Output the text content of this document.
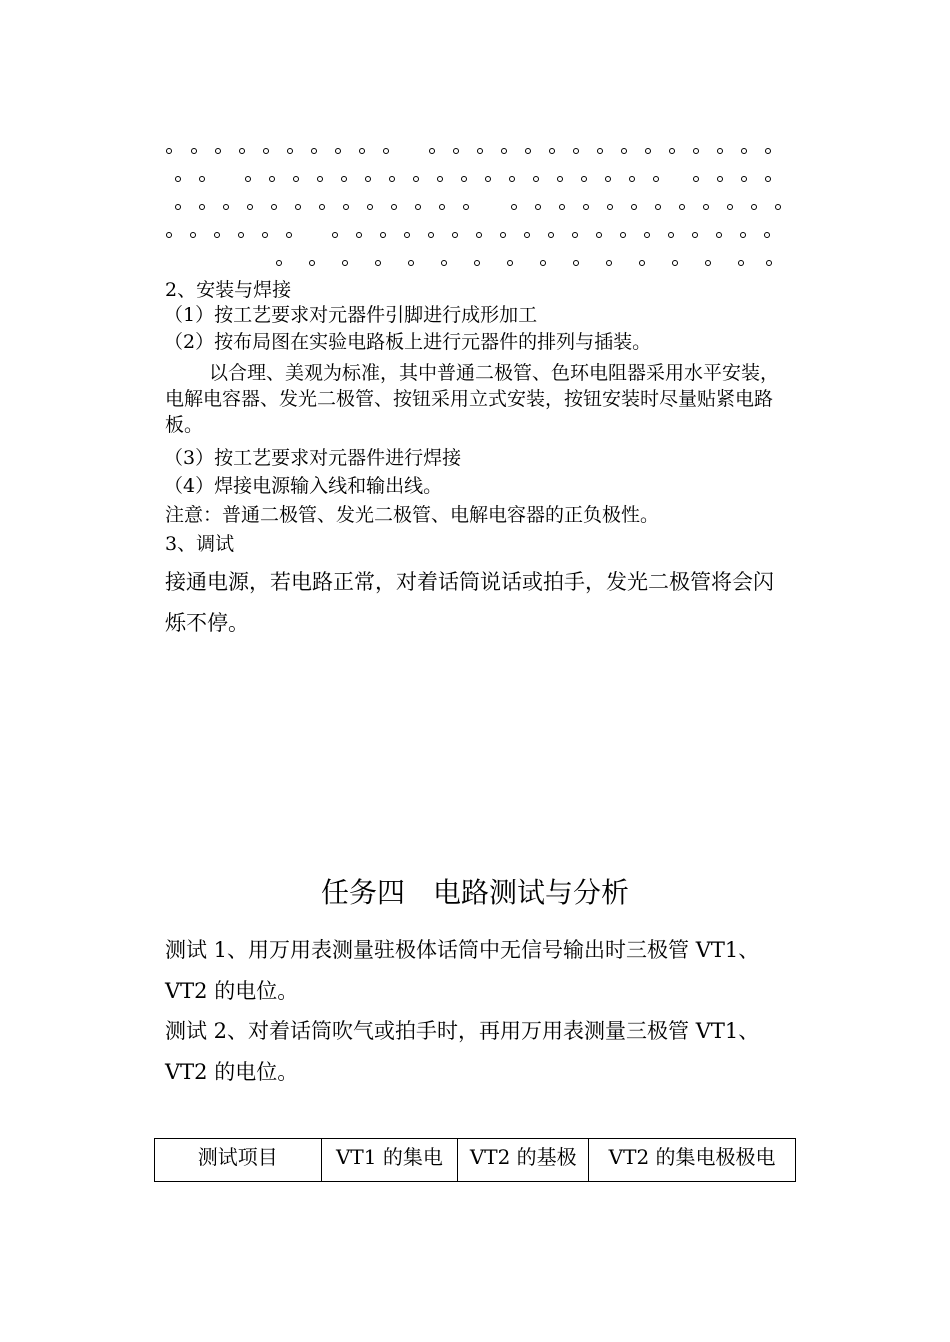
2、安装与焊接
（1）按工艺要求对元器件引脚进行成形加工
（2）按布局图在实验电路板上进行元器件的排列与插装。
以合理、美观为标准，其中普通二极管、色环电阻器采用水平安装，电解电容器、发光二极管、按钮采用立式安装，按钮安装时尽量贴紧电路板。
（3）按工艺要求对元器件进行焊接
（4）焊接电源输入线和输出线。
注意：普通二极管、发光二极管、电解电容器的正负极性。
3、调试
接通电源，若电路正常，对着话筒说话或拍手，发光二极管将会闪烁不停。
任务四　电路测试与分析
测试 1、用万用表测量驻极体话筒中无信号输出时三极管 VT1、VT2 的电位。
测试 2、对着话筒吹气或拍手时，再用万用表测量三极管 VT1、VT2 的电位。
测试项目	VT1 的集电	VT2 的基极	VT2 的集电极极电
